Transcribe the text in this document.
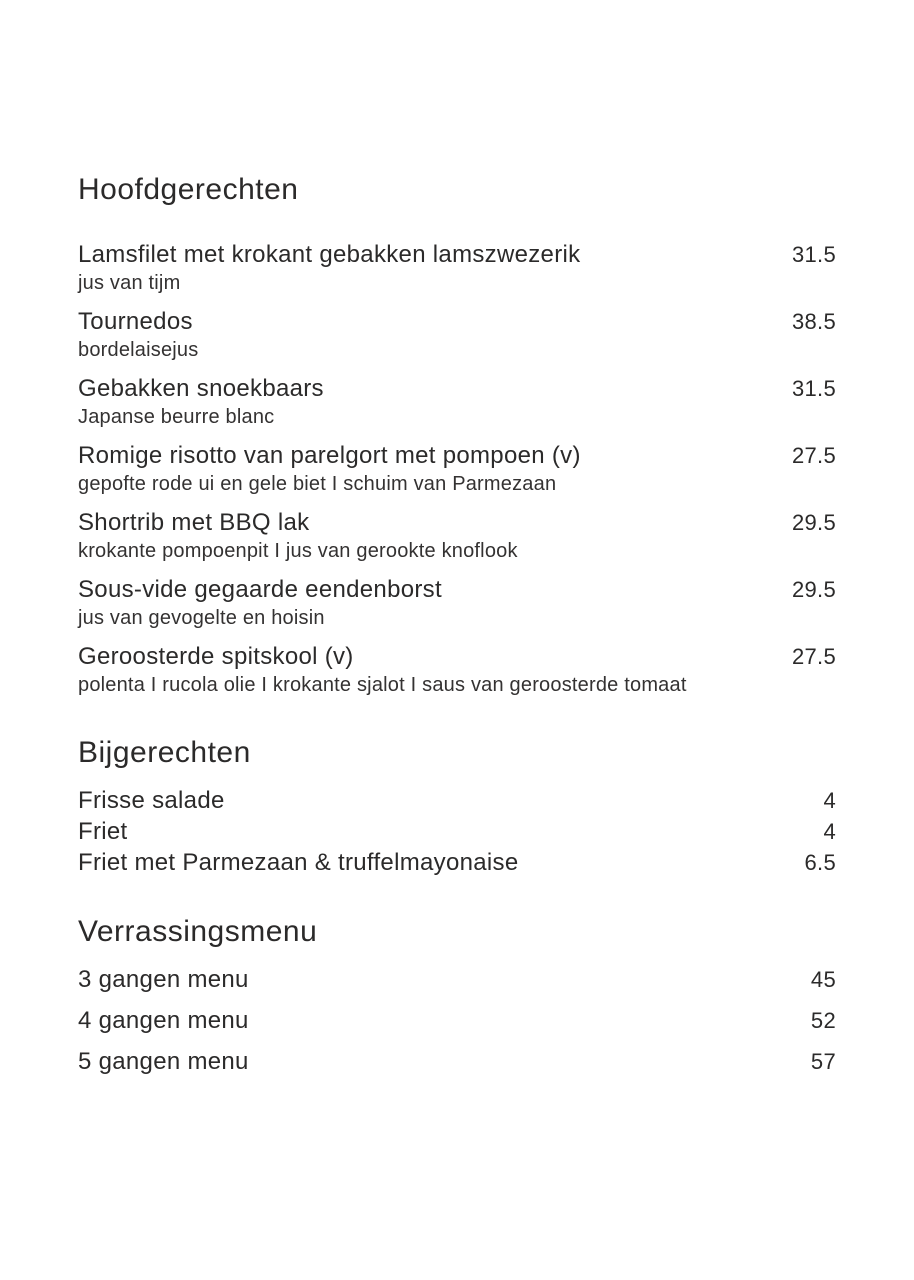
Hoofdgerechten
Lamsfilet met krokant gebakken lamszwezerik	31.5
jus van tijm
Tournedos	38.5
bordelaisejus
Gebakken snoekbaars	31.5
Japanse beurre blanc
Romige risotto van parelgort met pompoen (v)	27.5
gepofte rode ui en gele biet I schuim van Parmezaan
Shortrib met BBQ lak	29.5
krokante pompoenpit I jus van gerookte knoflook
Sous-vide gegaarde eendenborst	29.5
jus van gevogelte en hoisin
Geroosterde spitskool (v)	27.5
polenta I rucola olie I krokante sjalot I saus van geroosterde tomaat
Bijgerechten
Frisse salade	4
Friet	4
Friet met Parmezaan & truffelmayonaise	6.5
Verrassingsmenu
3 gangen menu	45
4 gangen menu	52
5 gangen menu	57
